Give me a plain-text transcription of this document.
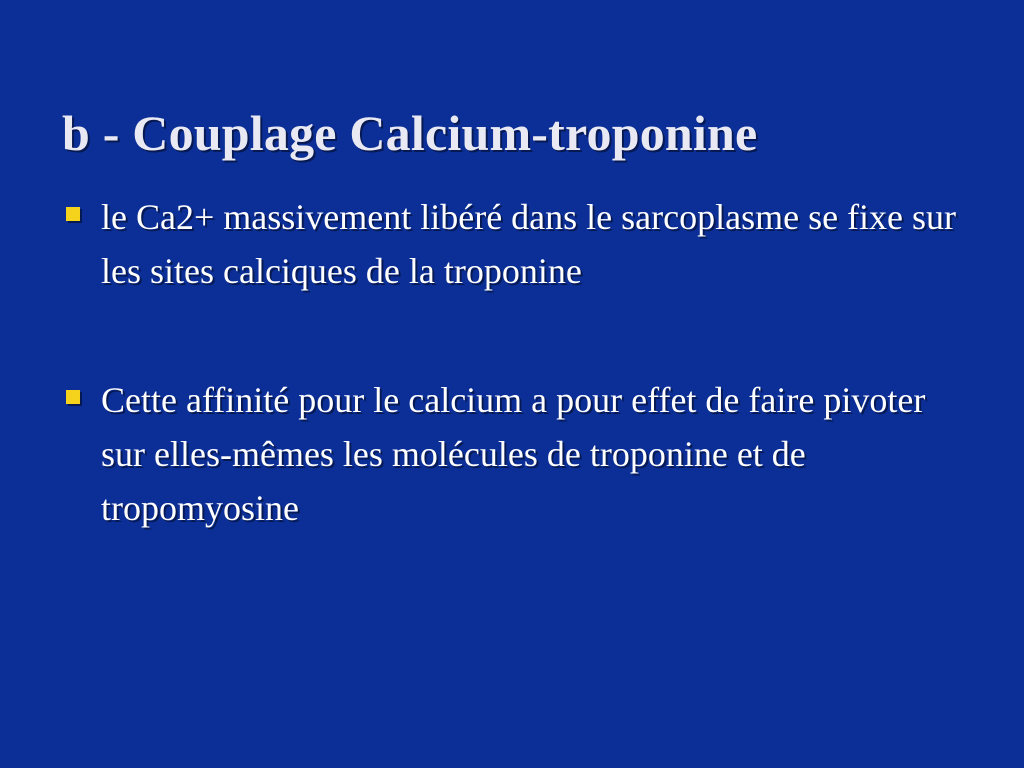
b - Couplage Calcium-troponine
le Ca2+ massivement libéré dans le sarcoplasme se fixe sur les sites calciques de la troponine
Cette affinité pour le calcium a pour effet de faire pivoter sur elles-mêmes les molécules de troponine et de tropomyosine
